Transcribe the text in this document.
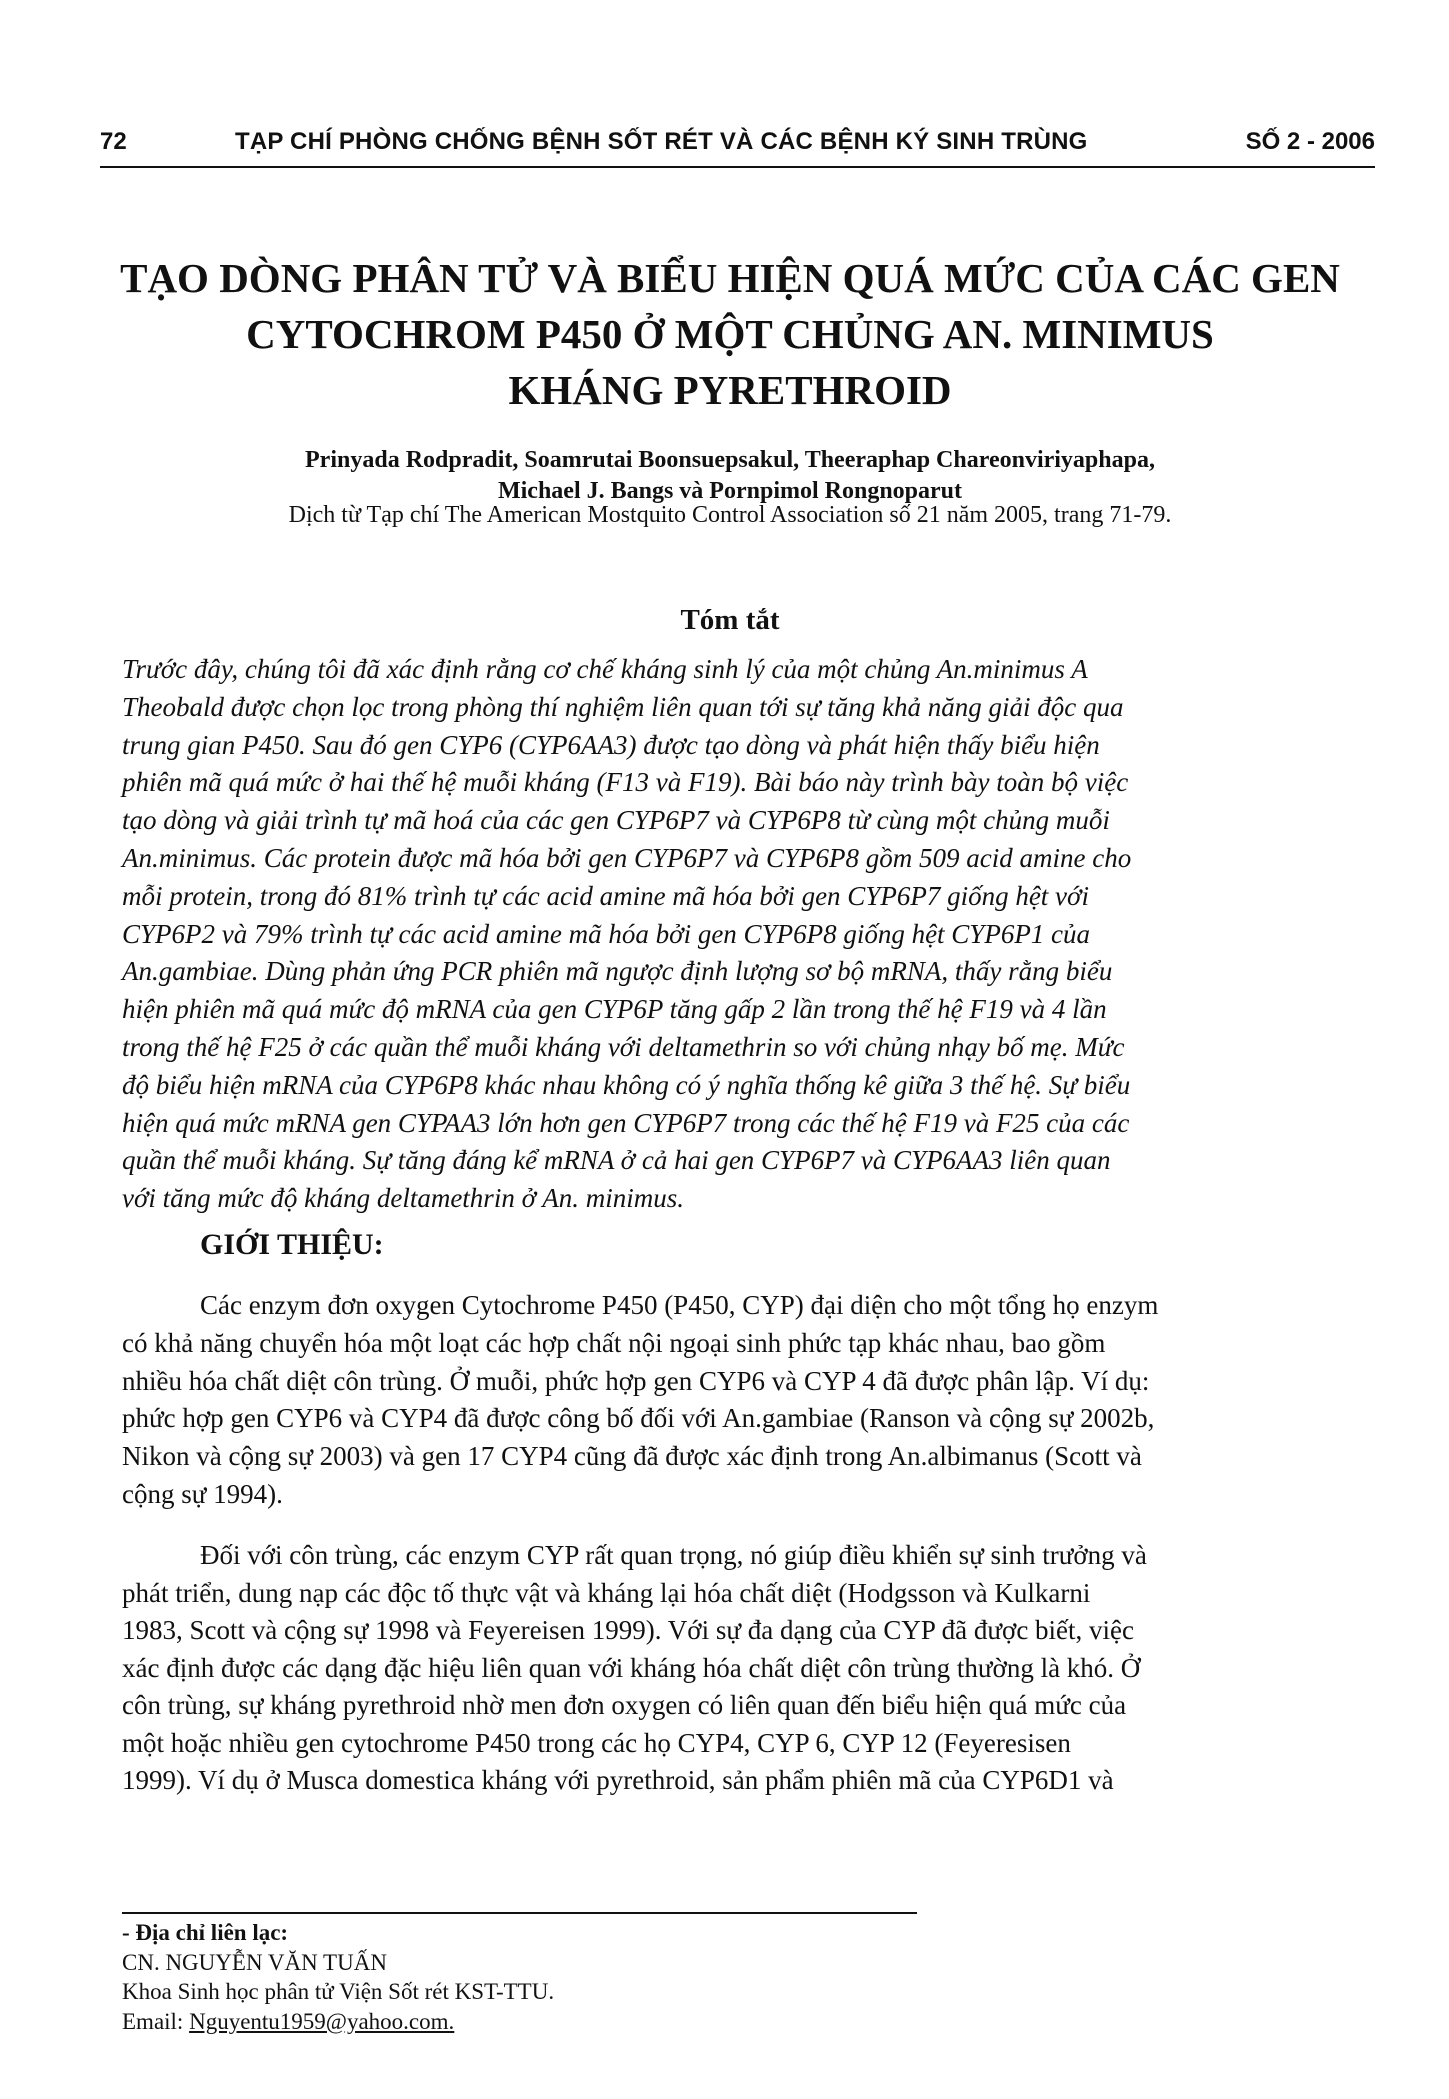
72	TẠP CHÍ PHÒNG CHỐNG BỆNH SỐT RÉT VÀ CÁC BỆNH KÝ SINH TRÙNG	SỐ 2 - 2006
TẠO DÒNG PHÂN TỬ VÀ BIỂU HIỆN QUÁ MỨC CỦA CÁC GEN
CYTOCHROM P450 Ở MỘT CHỦNG AN. MINIMUS
KHÁNG PYRETHROID
Prinyada Rodpradit, Soamrutai Boonsuepsakul, Theeraphap Chareonviriyaphapa,
Michael J. Bangs và Pornpimol Rongnoparut
Dịch từ Tạp chí The American Mostquito Control Association số 21 năm 2005, trang 71-79.
Tóm tắt
Trước đây, chúng tôi đã xác định rằng cơ chế kháng sinh lý của một chủng An.minimus A
Theobald được chọn lọc trong phòng thí nghiệm liên quan tới sự tăng khả năng giải độc qua
trung gian P450. Sau đó gen CYP6 (CYP6AA3) được tạo dòng và phát hiện thấy biểu hiện
phiên mã quá mức ở hai thế hệ muỗi kháng (F13 và F19). Bài báo này trình bày toàn bộ việc
tạo dòng và giải trình tự mã hoá của các gen CYP6P7 và CYP6P8 từ cùng một chủng muỗi
An.minimus. Các protein được mã hóa bởi gen CYP6P7 và CYP6P8 gồm 509 acid amine cho
mỗi protein, trong đó 81% trình tự các acid amine mã hóa bởi gen CYP6P7 giống hệt với
CYP6P2 và 79% trình tự các acid amine mã hóa bởi gen CYP6P8 giống hệt CYP6P1 của
An.gambiae. Dùng phản ứng PCR phiên mã ngược định lượng sơ bộ mRNA, thấy rằng biểu
hiện phiên mã quá mức độ mRNA của gen CYP6P tăng gấp 2 lần trong thế hệ F19 và 4 lần
trong thế hệ F25 ở các quần thể muỗi kháng với deltamethrin so với chủng nhạy bố mẹ. Mức
độ biểu hiện mRNA của CYP6P8 khác nhau không có ý nghĩa thống kê giữa 3 thế hệ. Sự biểu
hiện quá mức mRNA gen CYPAA3 lớn hơn gen CYP6P7 trong các thế hệ F19 và F25 của các
quần thể muỗi kháng. Sự tăng đáng kể mRNA ở cả hai gen CYP6P7 và CYP6AA3 liên quan
với tăng mức độ kháng deltamethrin ở An. minimus.
GIỚI THIỆU:
Các enzym đơn oxygen Cytochrome P450 (P450, CYP) đại diện cho một tổng họ enzym
có khả năng chuyển hóa một loạt các hợp chất nội ngoại sinh phức tạp khác nhau, bao gồm
nhiều hóa chất diệt côn trùng. Ở muỗi, phức hợp gen CYP6 và CYP 4 đã được phân lập. Ví dụ:
phức hợp gen CYP6 và CYP4 đã được công bố đối với An.gambiae (Ranson và cộng sự 2002b,
Nikon và cộng sự 2003) và gen 17 CYP4 cũng đã được xác định trong An.albimanus (Scott và
cộng sự 1994).
Đối với côn trùng, các enzym CYP rất quan trọng, nó giúp điều khiển sự sinh trưởng và
phát triển, dung nạp các độc tố thực vật và kháng lại hóa chất diệt (Hodgsson và Kulkarni
1983, Scott và cộng sự 1998 và Feyereisen 1999). Với sự đa dạng của CYP đã được biết, việc
xác định được các dạng đặc hiệu liên quan với kháng hóa chất diệt côn trùng thường là khó. Ở
côn trùng, sự kháng pyrethroid nhờ men đơn oxygen có liên quan đến biểu hiện quá mức của
một hoặc nhiều gen cytochrome P450 trong các họ CYP4, CYP 6, CYP 12 (Feyeresisen
1999). Ví dụ ở Musca domestica kháng với pyrethroid, sản phẩm phiên mã của CYP6D1 và
- Địa chỉ liên lạc:
CN. NGUYỄN VĂN TUẤN
Khoa Sinh học phân tử Viện Sốt rét KST-TTU.
Email: Nguyentu1959@yahoo.com.
